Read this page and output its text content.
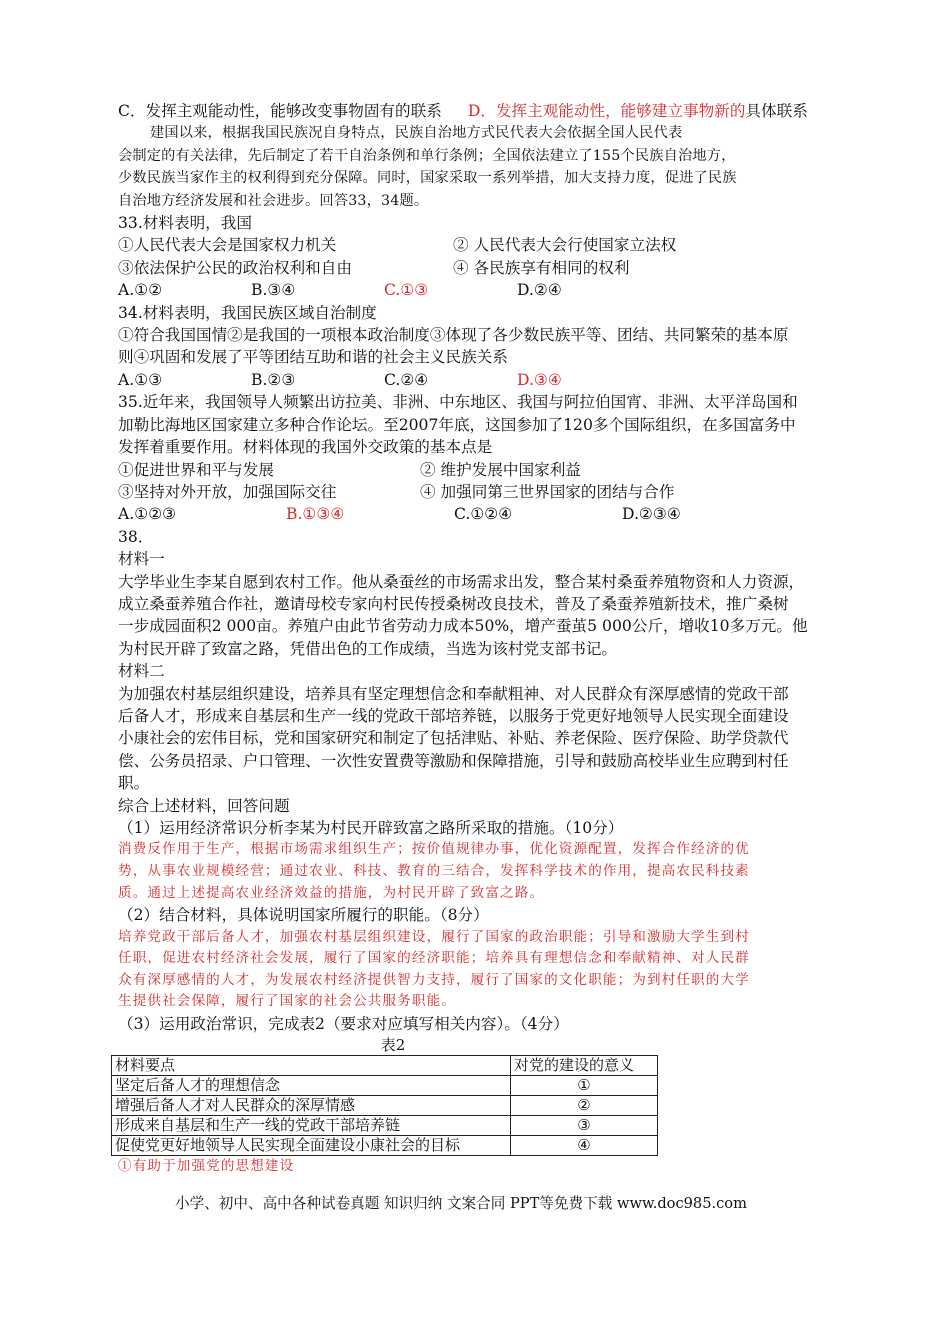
C．发挥主观能动性，能够改变事物固有的联系 D．发挥主观能动性，能够建立事物新的具体联系
建国以来，根据我国民族况自身特点，民族自治地方式民代表大会依据全国人民代表
会制定的有关法律，先后制定了若干自治条例和单行条例；全国依法建立了155个民族自治地方，
少数民族当家作主的权利得到充分保障。同时，国家采取一系列举措，加大支持力度，促进了民族
自治地方经济发展和社会进步。回答33，34题。
33.材料表明，我国
①人民代表大会是国家权力机关	② 人民代表大会行使国家立法权
③依法保护公民的政治权利和自由	④ 各民族享有相同的权利
A.①②	B.③④	C.①③	D.②④
34.材料表明，我国民族区域自治制度
①符合我国国情②是我国的一项根本政治制度③体现了各少数民族平等、团结、共同繁荣的基本原
则④巩固和发展了平等团结互助和谐的社会主义民族关系
A.①③	B.②③	C.②④	D.③④
35.近年来，我国领导人频繁出访拉美、非洲、中东地区、我国与阿拉伯国宵、非洲、太平洋岛国和
加勒比海地区国家建立多种合作论坛。至2007年底，这国参加了120多个国际组织，在多国富务中
发挥着重要作用。材料体现的我国外交政策的基本点是
①促进世界和平与发展	② 维护发展中国家利益
③坚持对外开放，加强国际交往	④ 加强同第三世界国家的团结与合作
A.①②③	B.①③④	C.①②④	D.②③④
38．
材料一
大学毕业生李某自愿到农村工作。他从桑蚕丝的市场需求出发，整合某村桑蚕养殖物资和人力资源，
成立桑蚕养殖合作社，邀请母校专家向村民传授桑树改良技术，普及了桑蚕养殖新技术，推广桑树
一步成园面积2 000亩。养殖户由此节省劳动力成本50%，增产蚕茧5 000公斤，增收10多万元。他
为村民开辟了致富之路，凭借出色的工作成绩，当选为该村党支部书记。
材料二
为加强农村基层组织建设，培养具有坚定理想信念和奉献粗神、对人民群众有深厚感情的党政干部
后备人才，形成来自基层和生产一线的党政干部培养链，以服务于党更好地领导人民实现全面建设
小康社会的宏伟目标，党和国家研究和制定了包括津贴、补贴、养老保险、医疗保险、助学贷款代
偿、公务员招录、户口管理、一次性安置费等激励和保障措施，引导和鼓励高校毕业生应聘到村任
职。
综合上述材料，回答问题
（1）运用经济常识分析李某为村民开辟致富之路所采取的措施。（10分）
消费反作用于生产，根据市场需求组织生产；按价值规律办事，优化资源配置，发挥合作经济的优
势，从事农业规模经营；通过农业、科技、教育的三结合，发挥科学技术的作用，提高农民科技素
质。通过上述提高农业经济效益的措施，为村民开辟了致富之路。
（2）结合材料，具体说明国家所履行的职能。（8分）
培养党政干部后备人才，加强农村基层组织建设，履行了国家的政治职能；引导和激励大学生到村
任职，促进农村经济社会发展，履行了国家的经济职能；培养具有理想信念和奉献精神、对人民群
众有深厚感情的人才，为发展农村经济提供智力支持，履行了国家的文化职能；为到村任职的大学
生提供社会保障，履行了国家的社会公共服务职能。
（3）运用政治常识，完成表2（要求对应填写相关内容）。（4分）
表2
材料要点	对党的建设的意义
坚定后备人才的理想信念	①
增强后备人才对人民群众的深厚情感	②
形成来自基层和生产一线的党政干部培养链	③
促使党更好地领导人民实现全面建设小康社会的目标	④
①有助于加强党的思想建设
小学、初中、高中各种试卷真题 知识归纳 文案合同 PPT等免费下载 www.doc985.com
